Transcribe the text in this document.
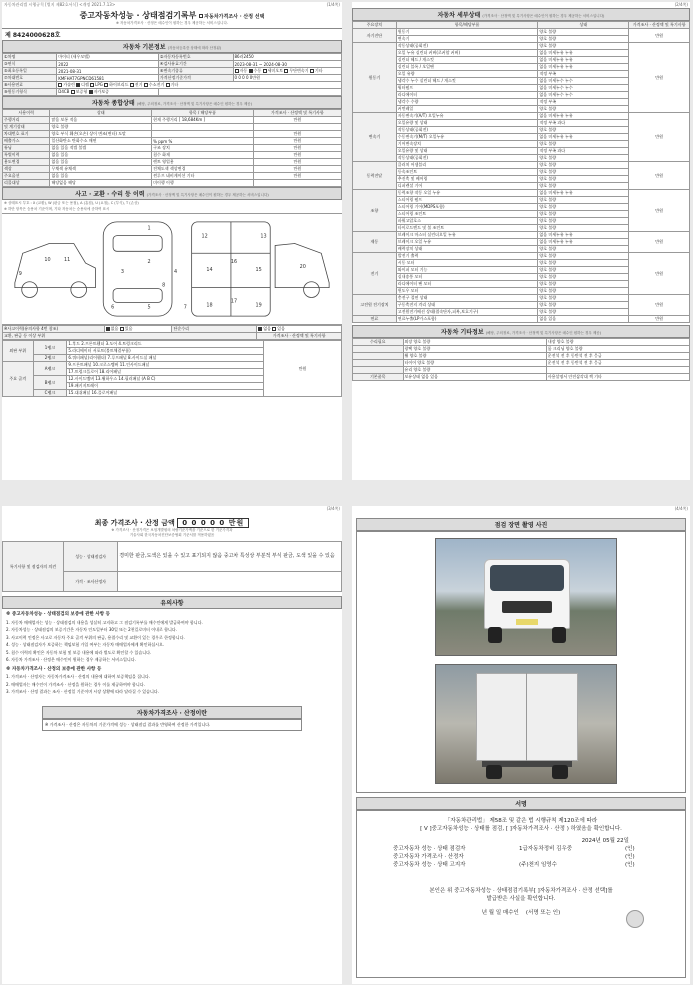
자동차관리법 시행규칙 [별지 제82호서식] <개정 2021.7.13>	(1/4쪽)
중고자동차성능 · 상태점검기록부 자동차가격조사 · 산정 선택
※ 자동차가격조사 · 산정은 매수인이 원하는 경우 제공하는 서비스입니다.
제 8424000628호
자동차 기본정보 (자동차등록증 상태에 따라 산정됨)
①차명	마이티 (새우모델)	②자동차등록번호	86러2450
③연식	2022	④검사유효기간	2023-08-31 ~ 2024-08-30
⑤최초등록일	2021-08-31	⑥변속기종류	자동 수동 세미오토 무단변속기 기타
⑦차대번호	KMFHAT7GPNCD61581	가격산정기준가격	0 0 0 0 0만원
⑧사용연료	가솔린 디젤 LPG 하이브리드 전기 수소전기 기타		
⑨원동기형식	D4CB 보증형 자가보증		
자동차 종합상태 (해당, 주의정료, 가격조사 · 산정액 및 특기사항은 매수인 원하는 경우 제공)
사용이력	상태	항목 / 해당부품	가격조사 · 산정액 및 특기사항
주행거리	많음 보통 적음	현재 주행거리 [ 18,684Km ]	만원
및 계기상태	양호 불량		
차대번호 표기	양호 부식 훼손(오손) 상이 변조(변타) 도말		만원
배출가스	일산화탄소 탄화수소 매연	% ppm %	만원
튜닝	없음 있음 적법 불법	구조 장치	만원
특별이력	없음 있음	침수 화재	만원
용도변경	없음 있음	렌트 영업용	만원
색상	무채색 유채색	전체도색 색상변경	만원
주요옵션	없음 있음	썬루프 네비게이션 기타	만원
리콜대상	해당없음 해당	미이행 이행	
사고 · 교환 · 수리 등 이력 (가격조사 · 산정액 및 특기사항은 매수인이 원하는 경우 제공하는 서비스입니다)
※ 상태표시 부호 : X (교환), W (판금 또는 용접), A (흠집), U (요철), C (부식), T (손상)
※ 하단 항목은 승용차 기준이며, 기타 자동차는 승용차에 준하여 표시
1
2
3	4
5
6	7
8
9
10	11
12	13
14	15
16
17
18	19
20
※사고이력(유의사항 4번 참조)	없음 있음	단순수리	없음 있음
교환, 판금 등 이상 부위			가격조사 · 산정액 및 특기사항
외판 부위	1랭크	1.후드 2.프론트휀더 3.도어 4.트렁크리드	만원
		5.라디에이터 서포트(볼트체결부품)	
	2랭크	6.쿼터패널(리어휀더) 7.루프패널 8.사이드실 패널	
주요 골격	A랭크	9.프론트패널 10.크로스멤버 11.인사이드패널	
		17.트렁크플로어 18.리어패널	
	B랭크	12.사이드멤버 13.휠하우스 14.필러패널 (A B C)	
		19.패키지트레이	
	C랭크	15.대쉬패널 16.플로어패널	
(2/4쪽)
자동차 세부상태 (가격조사 · 산정액 및 특기사항은 매수인이 원하는 경우 제공하는 서비스입니다)
주요장치	항목/해당부품	상태	가격조사 · 산정액 및 특기사항
자기진단	원동기	양호 불량	만원
	변속기	양호 불량	
원동기	작동상태(공회전)	양호 불량	만원
	오일 누유 실린더 커버(로커암 커버)	없음 미세누유 누유	
	실린더 헤드 / 개스킷	없음 미세누유 누유	
	실린더 블록 / 오일팬	없음 미세누유 누유	
	오일 유량	적정 부족	
	냉각수 누수 실린더 헤드 / 개스킷	없음 미세누수 누수	
	워터펌프	없음 미세누수 누수	
	라디에이터	없음 미세누수 누수	
	냉각수 수량	적정 부족	
	커먼레일	양호 불량	
변속기	자동변속기(A/T) 오일누유	없음 미세누유 누유	만원
	오일유량 및 상태	적정 부족 과다	
	작동상태(공회전)	양호 불량	
	수동변속기(M/T) 오일누유	없음 미세누유 누유	
	기어변속장치	양호 불량	
	오일유량 및 상태	적정 부족 과다	
	작동상태(공회전)	양호 불량	
동력전달	클러치 어셈블리	양호 불량	만원
	등속조인트	양호 불량	
	추진축 및 베어링	양호 불량	
	디퍼렌셜 기어	양호 불량	
조향	동력조향 작동 오일 누유	없음 미세누유 누유	만원
	스티어링 펌프	양호 불량	
	스티어링 기어(MDPS포함)	양호 불량	
	스티어링 조인트	양호 불량	
	파워고압호스	양호 불량	
	타이로드엔드 및 볼 조인트	양호 불량	
제동	브레이크 마스터 실린더오일 누유	없음 미세누유 누유	만원
	브레이크 오일 누유	없음 미세누유 누유	
	배력장치 상태	양호 불량	
전기	발전기 출력	양호 불량	만원
	시동 모터	양호 불량	
	와이퍼 모터 기능	양호 불량	
	실내송풍 모터	양호 불량	
	라디에이터 팬 모터	양호 불량	
	윈도우 모터	양호 불량	
고전원 전기장치	충전구 절연 상태	양호 불량	만원
	구동축전지 격리 상태	양호 불량	
	고전원전기배선 상태(접속단자,피복,보호기구)	양호 불량	
연료	연료누출(LP가스포함)	없음 있음	만원
자동차 기타정보 (해당, 주의정료, 가격조사 · 산정액 및 특기사항은 매수인 원하는 경우 제공)
수리필요	외장 양호 불량	내장 양호 불량
	광택 양호 불량	룸 크리닝 양호 불량
	휠 양호 불량	운전석 전 후 동반석 전 후 응급
	타이어 양호 불량	운전석 전 후 동반석 전 후 응급
	유리 양호 불량	
기본품목	보유상태 없음 있음	사용설명서 안전삼각대 잭 기타
(3/4쪽)
최종 가격조사 · 산정 금액 0 0 0 0 0 만원
※ 가격조사 · 산정가격은 보험개발원의 차량기준가액을 기준으로 한 기준가격과
기술사회 한국자동차진단보증협회 기준서를 적용하였음
특기사항 및 점검자의 의견	성능 · 상태점검자	경미한 판금,도색은 있을 수 있고 표기되지 않음 중고차 특성상 부분적 부식 판금, 도색 있을 수 있음
	가격 · 조사산정자	
유의사항
※ 중고자동차성능 · 상태점검의 보증에 관한 사항 등
1. 자동차 매매업자는 성능 · 상태점검의 내용을 성실히 고지하고 그 점검기록부를 매수인에게 발급하여야 합니다.
2. 자동차성능 · 상태점검의 보증기간은 자동차 인도일부터 30일 또는 2천킬로미터 이내로 합니다.
3. 사고이력 인정은 사고로 자동차 주요 골격 부위의 판금, 용접수리 및 교환이 있는 경우로 한정합니다.
4. 성능 · 상태점검자가 보증하는 책임보험 가입 여부는 자동차 매매업자에게 확인하십시오.
5. 침수 이력의 확인은 자동차 보험 및 보증 내용에 따라 별도로 확인할 수 있습니다.
6. 자동차 가격조사 · 산정은 매수인이 원하는 경우 제공하는 서비스입니다.
※ 자동차가격조사 · 산정의 보증에 관한 사항 등
1. 가격조사 · 산정자는 자동차가격조사 · 산정의 내용에 대하여 보증책임을 집니다.
2. 매매업자는 매수인이 가격조사 · 산정을 원하는 경우 이를 제공하여야 합니다.
3. 가격조사 · 산정 결과는 조사 · 산정일 기준이며 시장 상황에 따라 달라질 수 있습니다.
자동차가격조사 · 산정이란
※ 가격조사 · 산정은 자동차의 기준가격에 성능 · 상태점검 결과를 반영하여 산정한 가격입니다.
(4/4쪽)
점검 장면 촬영 사진
서명
「자동차관리법」 제58조 및 같은 법 시행규칙 제120조에 따라
[ V ]중고자동차성능 · 상태를 점검, [ ]자동차가격조사 · 산정 ) 하였음을 확인합니다.
2024년 05월 22일
중고자동차 성능 · 상태 점검자	1급자동차정비 김우중	(인)
중고자동차 가격조사 · 산정자	(인)
중고자동차 성능 · 상태 고지자	(주)천지 임영수	(인)
본인은 위 중고자동차성능 · 상태점검기록부[ ]자동차가격조사 · 산정 선택]를
발급받은 사실을 확인합니다.
년 월 일 매수인 (서명 또는 인)
